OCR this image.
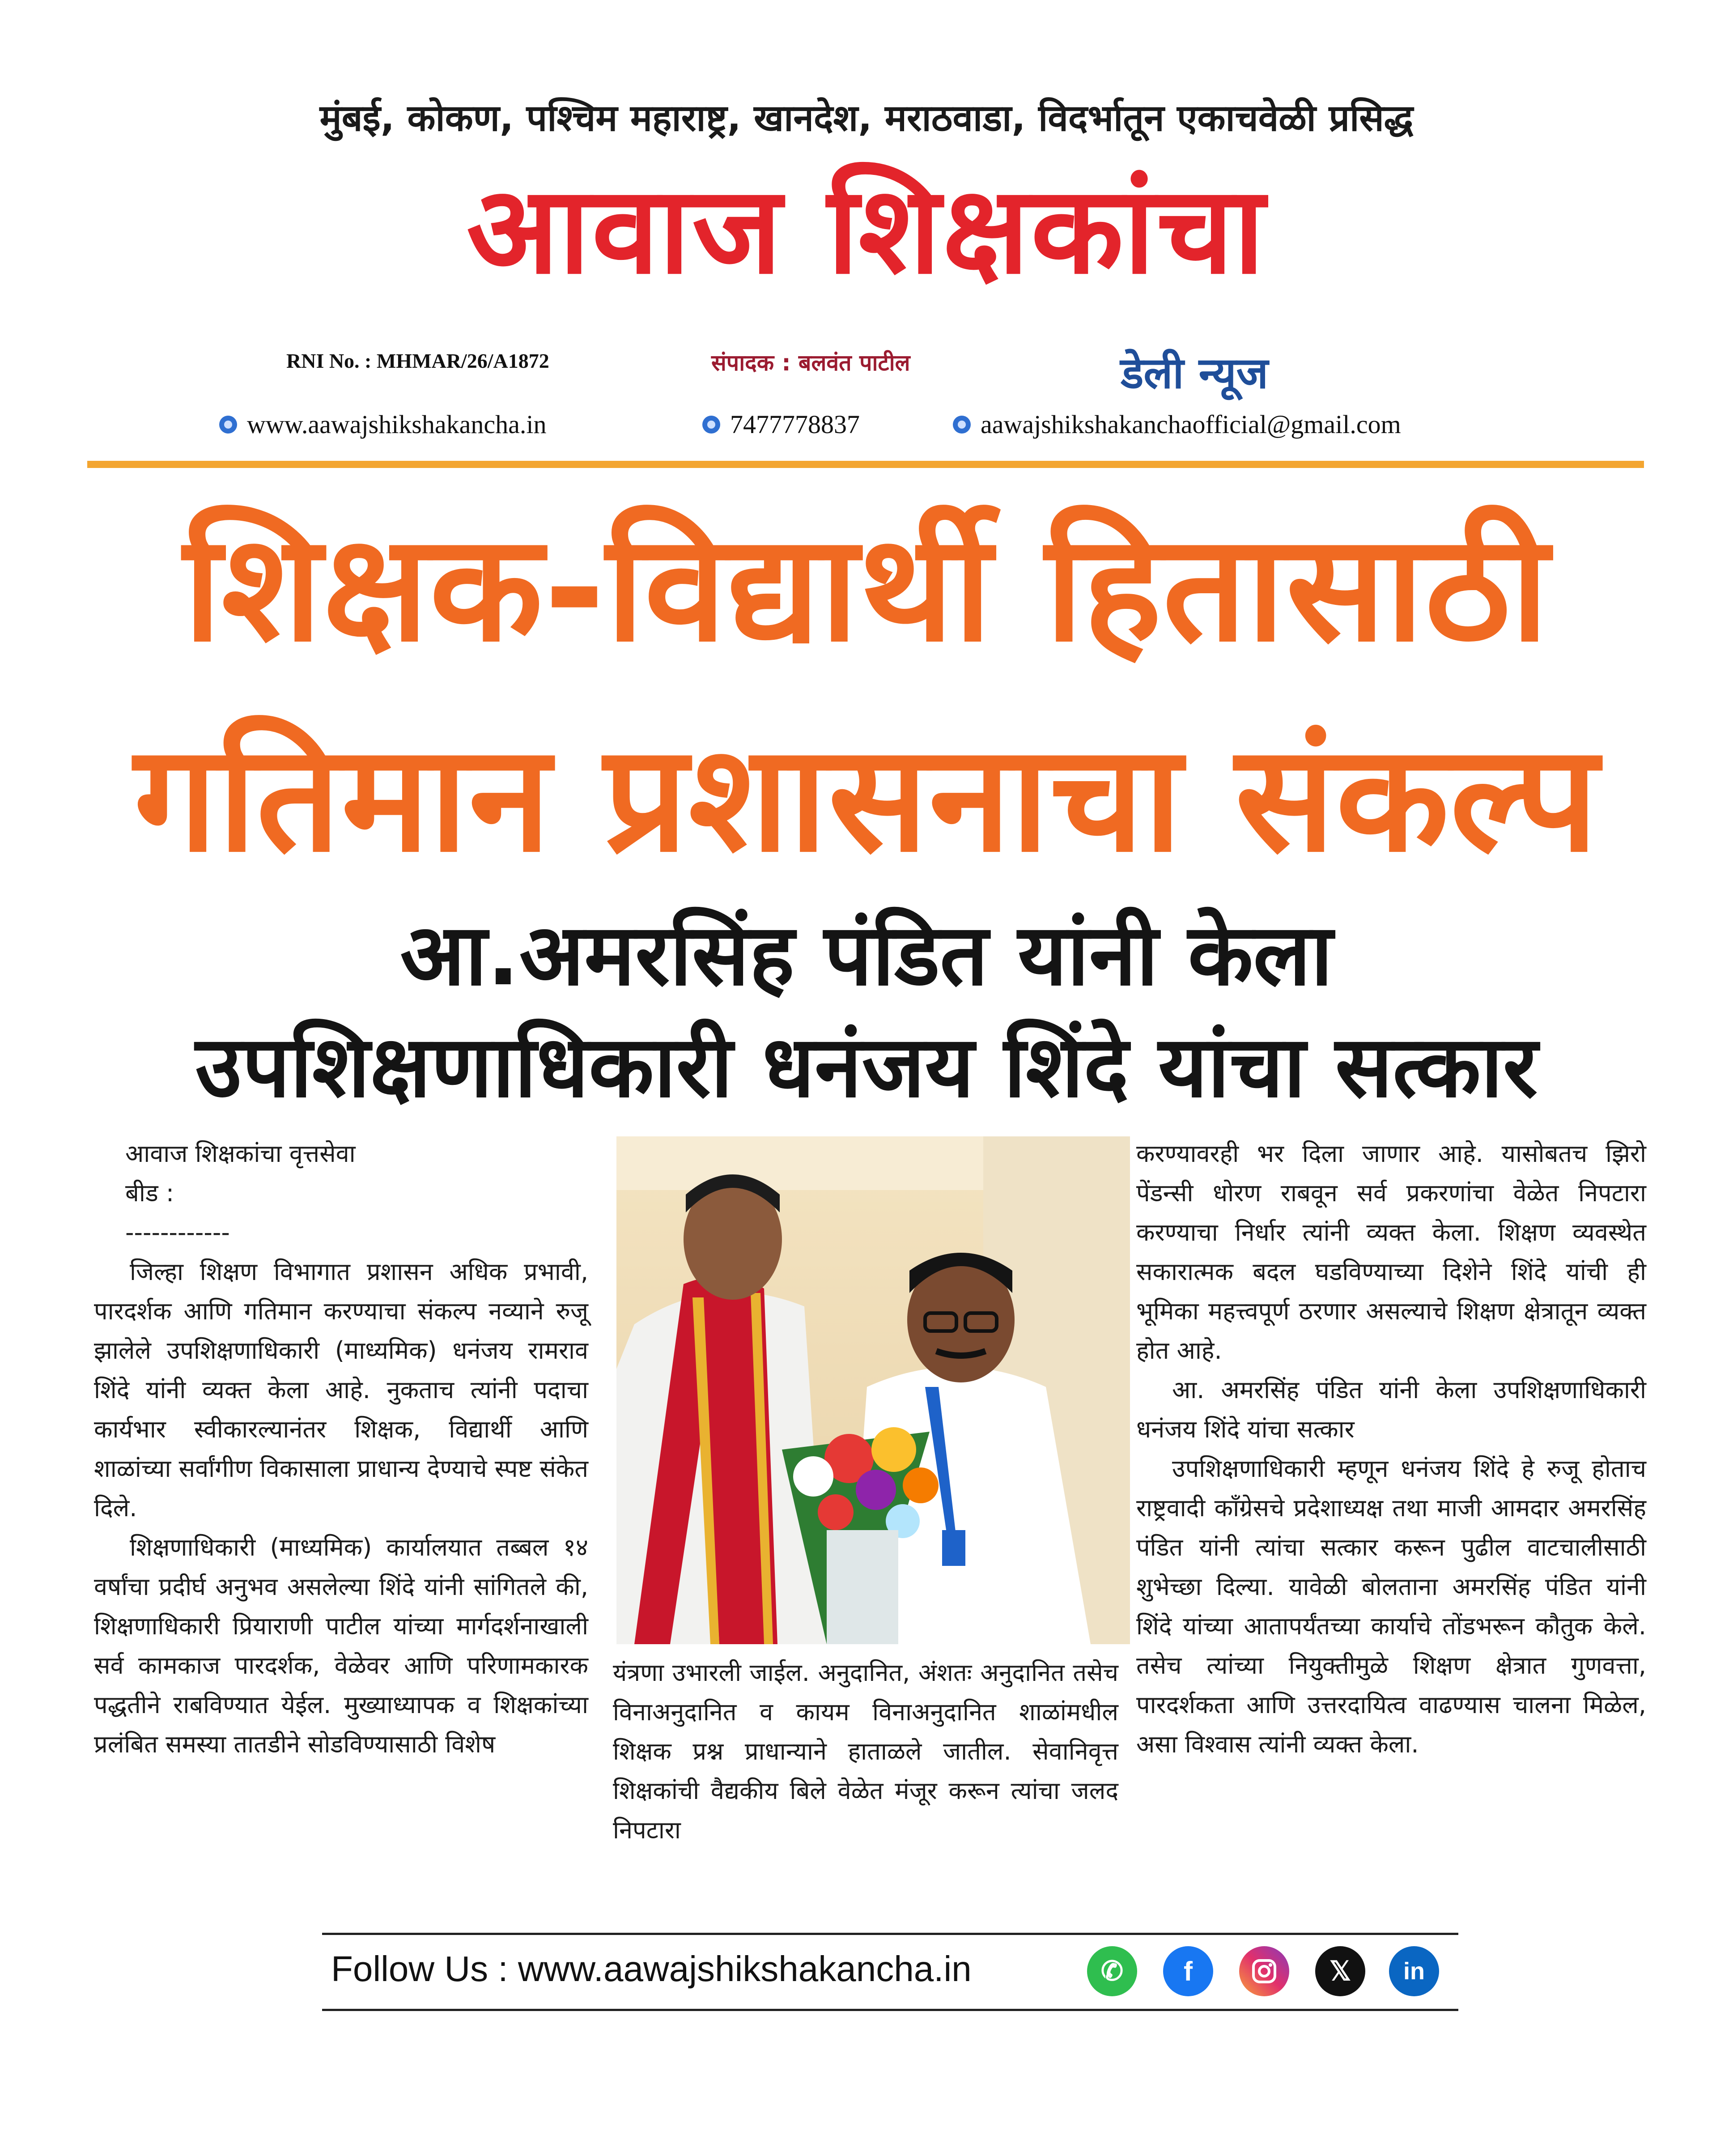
मुंबई, कोकण, पश्चिम महाराष्ट्र, खानदेश, मराठवाडा, विदर्भातून एकाचवेळी प्रसिद्ध
आवाज शिक्षकांचा
RNI No. : MHMAR/26/A1872	संपादक : बलवंत पाटील	डेली न्यूज
www.aawajshikshakancha.in	7477778837	aawajshikshakanchaofficial@gmail.com
शिक्षक-विद्यार्थी हितासाठी
गतिमान प्रशासनाचा संकल्प
आ.अमरसिंह पंडित यांनी केला
उपशिक्षणाधिकारी धनंजय शिंदे यांचा सत्कार
आवाज शिक्षकांचा वृत्तसेवा
बीड :
------------

जिल्हा शिक्षण विभागात प्रशासन अधिक प्रभावी, पारदर्शक आणि गतिमान करण्याचा संकल्प नव्याने रुजू झालेले उपशिक्षणाधिकारी (माध्यमिक) धनंजय रामराव शिंदे यांनी व्यक्त केला आहे. नुकताच त्यांनी पदाचा कार्यभार स्वीकारल्यानंतर शिक्षक, विद्यार्थी आणि शाळांच्या सर्वांगीण विकासाला प्राधान्य देण्याचे स्पष्ट संकेत दिले.

शिक्षणाधिकारी (माध्यमिक) कार्यालयात तब्बल १४ वर्षांचा प्रदीर्घ अनुभव असलेल्या शिंदे यांनी सांगितले की, शिक्षणाधिकारी प्रियाराणी पाटील यांच्या मार्गदर्शनाखाली सर्व कामकाज पारदर्शक, वेळेवर आणि परिणामकारक पद्धतीने राबविण्यात येईल. मुख्याध्यापक व शिक्षकांच्या प्रलंबित समस्या तातडीने सोडविण्यासाठी विशेष

यंत्रणा उभारली जाईल. अनुदानित, अंशतः अनुदानित तसेच विनाअनुदानित व कायम विनाअनुदानित शाळांमधील शिक्षक प्रश्न प्राधान्याने हाताळले जातील. सेवानिवृत्त शिक्षकांची वैद्यकीय बिले वेळेत मंजूर करून त्यांचा जलद निपटारा

करण्यावरही भर दिला जाणार आहे. यासोबतच झिरो पेंडन्सी धोरण राबवून सर्व प्रकरणांचा वेळेत निपटारा करण्याचा निर्धार त्यांनी व्यक्त केला. शिक्षण व्यवस्थेत सकारात्मक बदल घडविण्याच्या दिशेने शिंदे यांची ही भूमिका महत्त्वपूर्ण ठरणार असल्याचे शिक्षण क्षेत्रातून व्यक्त होत आहे.

आ. अमरसिंह पंडित यांनी केला उपशिक्षणाधिकारी धनंजय शिंदे यांचा सत्कार

उपशिक्षणाधिकारी म्हणून धनंजय शिंदे हे रुजू होताच राष्ट्रवादी काँग्रेसचे प्रदेशाध्यक्ष तथा माजी आमदार अमरसिंह पंडित यांनी त्यांचा सत्कार करून पुढील वाटचालीसाठी शुभेच्छा दिल्या. यावेळी बोलताना अमरसिंह पंडित यांनी शिंदे यांच्या आतापर्यंतच्या कार्याचे तोंडभरून कौतुक केले. तसेच त्यांच्या नियुक्तीमुळे शिक्षण क्षेत्रात गुणवत्ता, पारदर्शकता आणि उत्तरदायित्व वाढण्यास चालना मिळेल, असा विश्वास त्यांनी व्यक्त केला.

Follow Us : www.aawajshikshakancha.in	✆	f	𝕏	in
